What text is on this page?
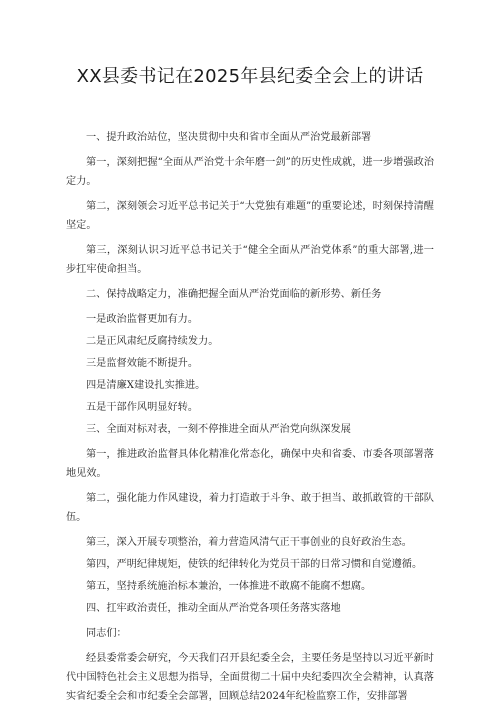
XX县委书记在2025年县纪委全会上的讲话

一、提升政治站位，坚决贯彻中央和省市全面从严治党最新部署

第一，深刻把握“全面从严治党十余年磨一剑”的历史性成就，进一步增强政治定力。

第二，深刻领会习近平总书记关于“大党独有难题”的重要论述，时刻保持清醒坚定。

第三，深刻认识习近平总书记关于“健全全面从严治党体系”的重大部署,进一步扛牢使命担当。

二、保持战略定力，准确把握全面从严治党面临的新形势、新任务

一是政治监督更加有力。

二是正风肃纪反腐持续发力。

三是监督效能不断提升。

四是清廉X建设扎实推进。

五是干部作风明显好转。

三、全面对标对表，一刻不停推进全面从严治党向纵深发展

第一，推进政治监督具体化精准化常态化，确保中央和省委、市委各项部署落地见效。

第二，强化能力作风建设，着力打造敢于斗争、敢于担当、敢抓敢管的干部队伍。

第三，深入开展专项整治，着力营造风清气正干事创业的良好政治生态。

第四，严明纪律规矩，使铁的纪律转化为党员干部的日常习惯和自觉遵循。

第五，坚持系统施治标本兼治，一体推进不敢腐不能腐不想腐。

四、扛牢政治责任，推动全面从严治党各项任务落实落地

同志们：

经县委常委会研究，今天我们召开县纪委全会，主要任务是坚持以习近平新时代中国特色社会主义思想为指导，全面贯彻二十届中央纪委四次全会精神，认真落实省纪委全会和市纪委全会部署，回顾总结2024年纪检监察工作，安排部署
